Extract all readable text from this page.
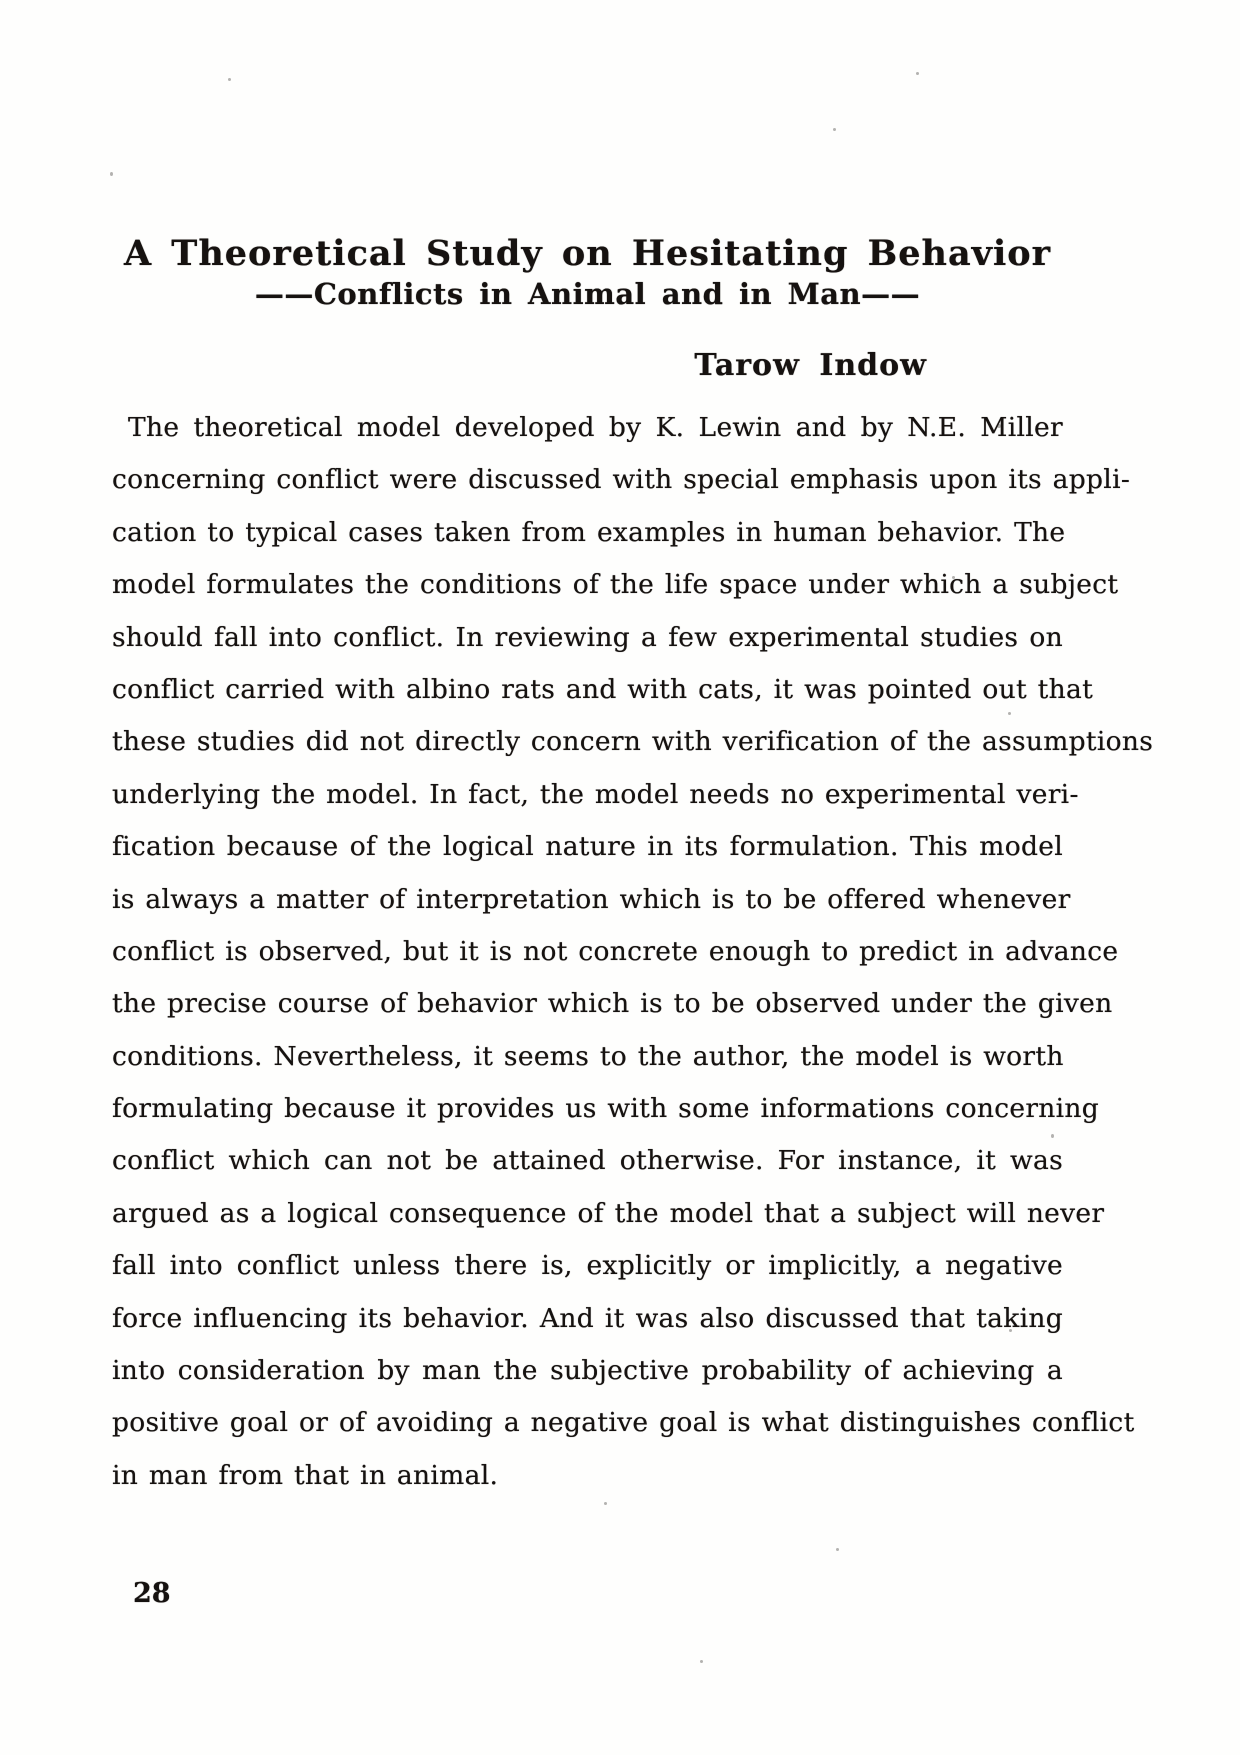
A Theoretical Study on Hesitating Behavior
——Conflicts in Animal and in Man——
Tarow Indow
The theoretical model developed by K. Lewin and by N.E. Miller
concerning conflict were discussed with special emphasis upon its appli-
cation to typical cases taken from examples in human behavior. The
model formulates the conditions of the life space under which a subject
should fall into conflict. In reviewing a few experimental studies on
conflict carried with albino rats and with cats, it was pointed out that
these studies did not directly concern with verification of the assumptions
underlying the model. In fact, the model needs no experimental veri-
fication because of the logical nature in its formulation. This model
is always a matter of interpretation which is to be offered whenever
conflict is observed, but it is not concrete enough to predict in advance
the precise course of behavior which is to be observed under the given
conditions. Nevertheless, it seems to the author, the model is worth
formulating because it provides us with some informations concerning
conflict which can not be attained otherwise. For instance, it was
argued as a logical consequence of the model that a subject will never
fall into conflict unless there is, explicitly or implicitly, a negative
force influencing its behavior. And it was also discussed that taking
into consideration by man the subjective probability of achieving a
positive goal or of avoiding a negative goal is what distinguishes conflict
in man from that in animal.
28
